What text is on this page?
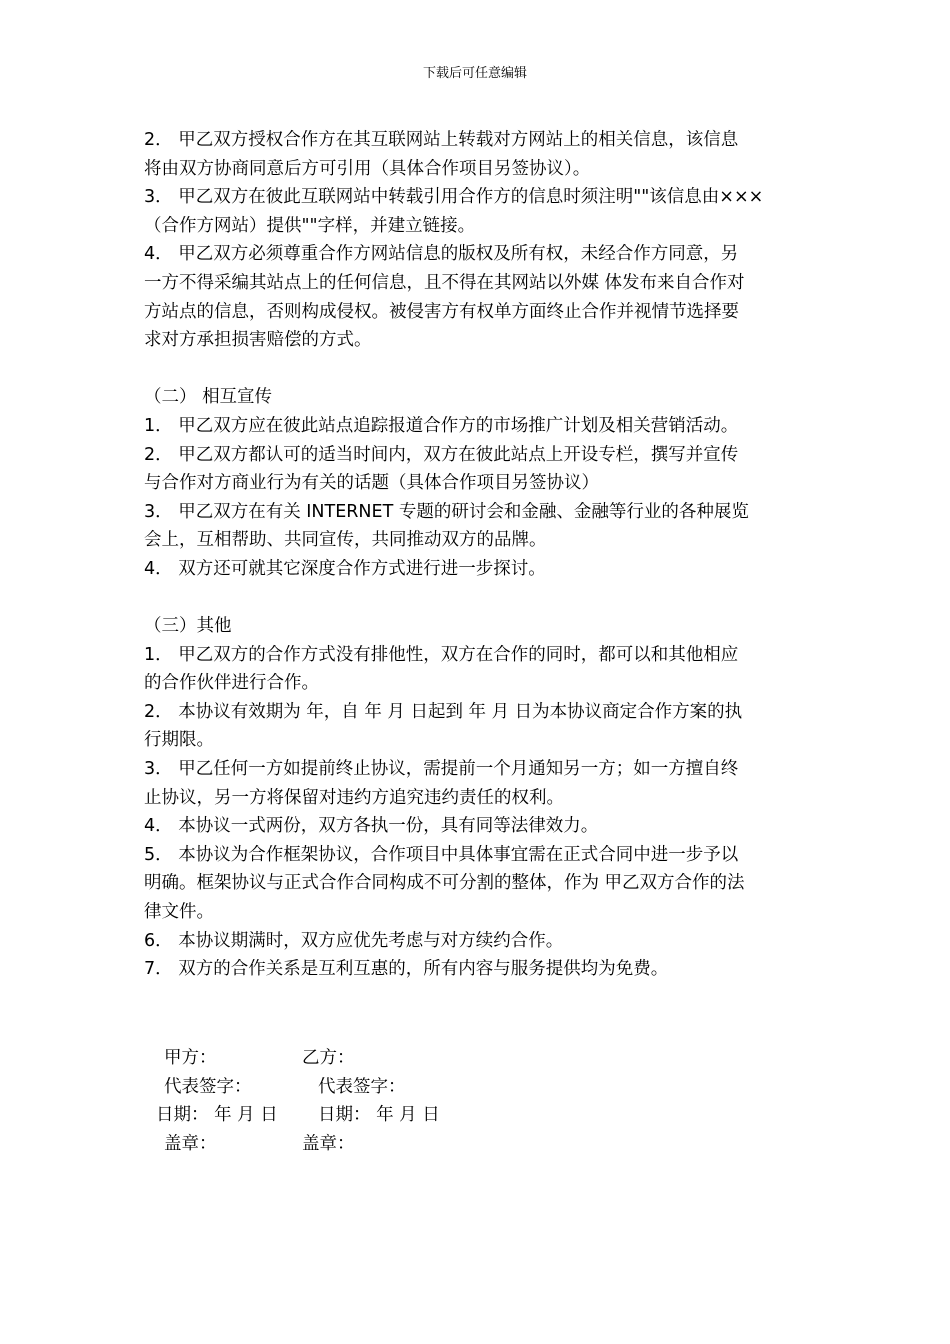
下载后可任意编辑
2． 甲乙双方授权合作方在其互联网站上转载对方网站上的相关信息，该信息
将由双方协商同意后方可引用（具体合作项目另签协议）。
3． 甲乙双方在彼此互联网站中转载引用合作方的信息时须注明""该信息由×××
（合作方网站）提供""字样，并建立链接。
4． 甲乙双方必须尊重合作方网站信息的版权及所有权，未经合作方同意，另
一方不得采编其站点上的任何信息，且不得在其网站以外媒 体发布来自合作对
方站点的信息，否则构成侵权。被侵害方有权单方面终止合作并视情节选择要
求对方承担损害赔偿的方式。
（二） 相互宣传
1． 甲乙双方应在彼此站点追踪报道合作方的市场推广计划及相关营销活动。
2． 甲乙双方都认可的适当时间内，双方在彼此站点上开设专栏，撰写并宣传
与合作对方商业行为有关的话题（具体合作项目另签协议）
3． 甲乙双方在有关 INTERNET 专题的研讨会和金融、金融等行业的各种展览
会上，互相帮助、共同宣传，共同推动双方的品牌。
4． 双方还可就其它深度合作方式进行进一步探讨。
（三）其他
1． 甲乙双方的合作方式没有排他性，双方在合作的同时，都可以和其他相应
的合作伙伴进行合作。
2． 本协议有效期为 年，自 年 月 日起到 年 月 日为本协议商定合作方案的执
行期限。
3． 甲乙任何一方如提前终止协议，需提前一个月通知另一方；如一方擅自终
止协议，另一方将保留对违约方追究违约责任的权利。
4． 本协议一式两份，双方各执一份，具有同等法律效力。
5． 本协议为合作框架协议，合作项目中具体事宜需在正式合同中进一步予以
明确。框架协议与正式合作合同构成不可分割的整体，作为 甲乙双方合作的法
律文件。
6． 本协议期满时，双方应优先考虑与对方续约合作。
7． 双方的合作关系是互利互惠的，所有内容与服务提供均为免费。
甲方：	乙方：
代表签字：	代表签字：
日期： 年 月 日 日期： 年 月 日
盖章：	盖章：
